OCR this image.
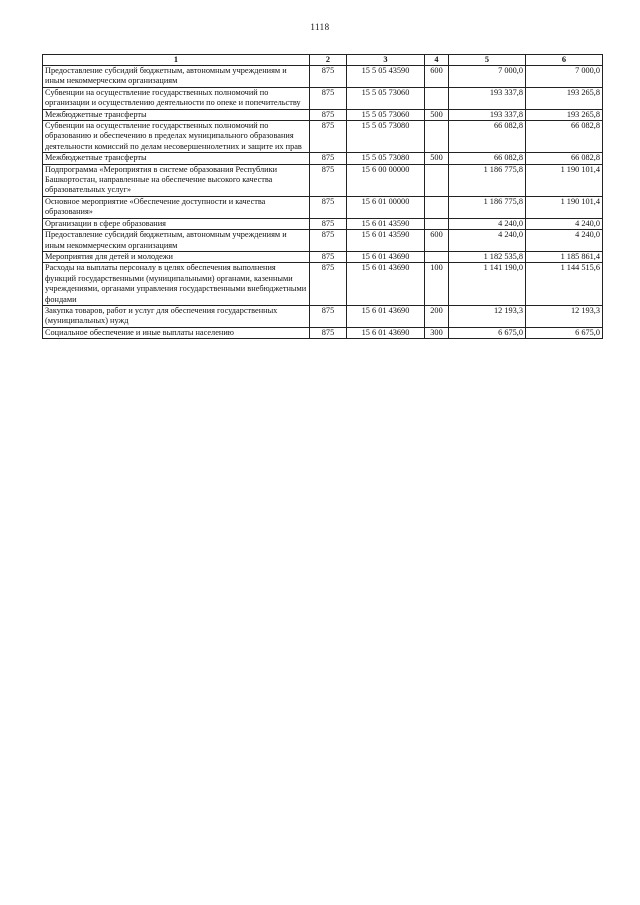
1118
1	2	3	4	5	6
Предоставление субсидий бюджетным, автономным учреждениям и иным некоммерческим организациям	875	15 5 05 43590	600	7 000,0	7 000,0
Субвенции на осуществление государственных полномочий по организации и осуществлению деятельности по опеке и попечительству	875	15 5 05 73060		193 337,8	193 265,8
Межбюджетные трансферты	875	15 5 05 73060	500	193 337,8	193 265,8
Субвенции на осуществление государственных полномочий по образованию и обеспечению в пределах муниципального образования деятельности комиссий по делам несовершеннолетних и защите их прав	875	15 5 05 73080		66 082,8	66 082,8
Межбюджетные трансферты	875	15 5 05 73080	500	66 082,8	66 082,8
Подпрограмма «Мероприятия в системе образования Республики Башкортостан, направленные на обеспечение высокого качества образовательных услуг»	875	15 6 00 00000		1 186 775,8	1 190 101,4
Основное мероприятие «Обеспечение доступности и качества образования»	875	15 6 01 00000		1 186 775,8	1 190 101,4
Организации в сфере образования	875	15 6 01 43590		4 240,0	4 240,0
Предоставление субсидий бюджетным, автономным учреждениям и иным некоммерческим организациям	875	15 6 01 43590	600	4 240,0	4 240,0
Мероприятия для детей и молодежи	875	15 6 01 43690		1 182 535,8	1 185 861,4
Расходы на выплаты персоналу в целях обеспечения выполнения функций государственными (муниципальными) органами, казенными учреждениями, органами управления государственными внебюджетными фондами	875	15 6 01 43690	100	1 141 190,0	1 144 515,6
Закупка товаров, работ и услуг для обеспечения государственных (муниципальных) нужд	875	15 6 01 43690	200	12 193,3	12 193,3
Социальное обеспечение и иные выплаты населению	875	15 6 01 43690	300	6 675,0	6 675,0
